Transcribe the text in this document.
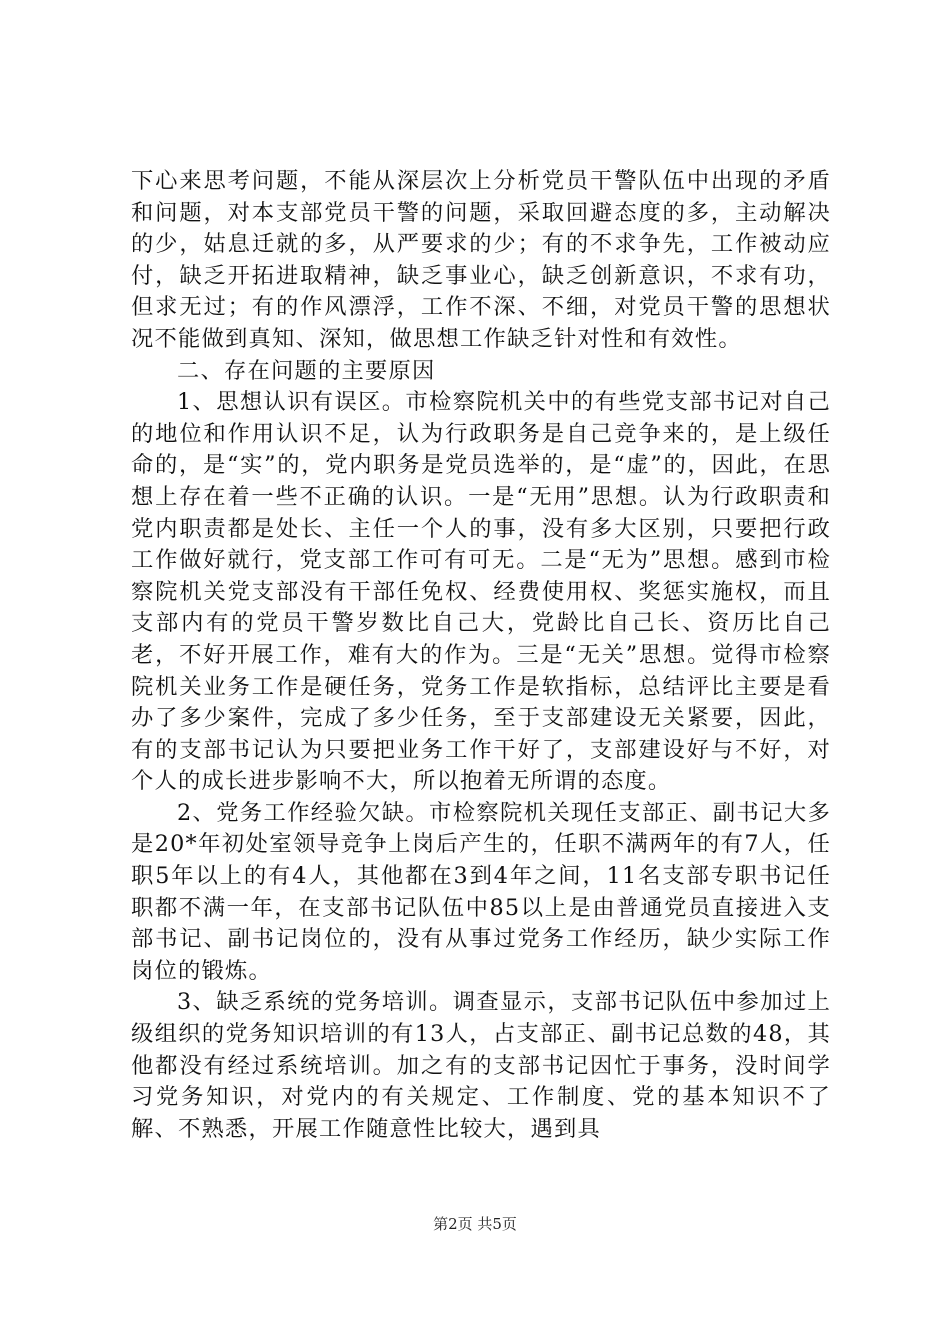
下心来思考问题，不能从深层次上分析党员干警队伍中出现的矛盾和问题，对本支部党员干警的问题，采取回避态度的多，主动解决的少，姑息迁就的多，从严要求的少；有的不求争先，工作被动应付，缺乏开拓进取精神，缺乏事业心，缺乏创新意识，不求有功，但求无过；有的作风漂浮，工作不深、不细，对党员干警的思想状况不能做到真知、深知，做思想工作缺乏针对性和有效性。

二、存在问题的主要原因

1、思想认识有误区。市检察院机关中的有些党支部书记对自己的地位和作用认识不足，认为行政职务是自己竞争来的，是上级任命的，是“实”的，党内职务是党员选举的，是“虚”的，因此，在思想上存在着一些不正确的认识。一是“无用”思想。认为行政职责和党内职责都是处长、主任一个人的事，没有多大区别，只要把行政工作做好就行，党支部工作可有可无。二是“无为”思想。感到市检察院机关党支部没有干部任免权、经费使用权、奖惩实施权，而且支部内有的党员干警岁数比自己大，党龄比自己长、资历比自己老，不好开展工作，难有大的作为。三是“无关”思想。觉得市检察院机关业务工作是硬任务，党务工作是软指标，总结评比主要是看办了多少案件，完成了多少任务，至于支部建设无关紧要，因此，有的支部书记认为只要把业务工作干好了，支部建设好与不好，对个人的成长进步影响不大，所以抱着无所谓的态度。

2、党务工作经验欠缺。市检察院机关现任支部正、副书记大多是20*年初处室领导竞争上岗后产生的，任职不满两年的有7人，任职5年以上的有4人，其他都在3到4年之间，11名支部专职书记任职都不满一年，在支部书记队伍中85以上是由普通党员直接进入支部书记、副书记岗位的，没有从事过党务工作经历，缺少实际工作岗位的锻炼。

3、缺乏系统的党务培训。调查显示，支部书记队伍中参加过上级组织的党务知识培训的有13人，占支部正、副书记总数的48，其他都没有经过系统培训。加之有的支部书记因忙于事务，没时间学习党务知识，对党内的有关规定、工作制度、党的基本知识不了解、不熟悉，开展工作随意性比较大，遇到具

第2页 共5页
